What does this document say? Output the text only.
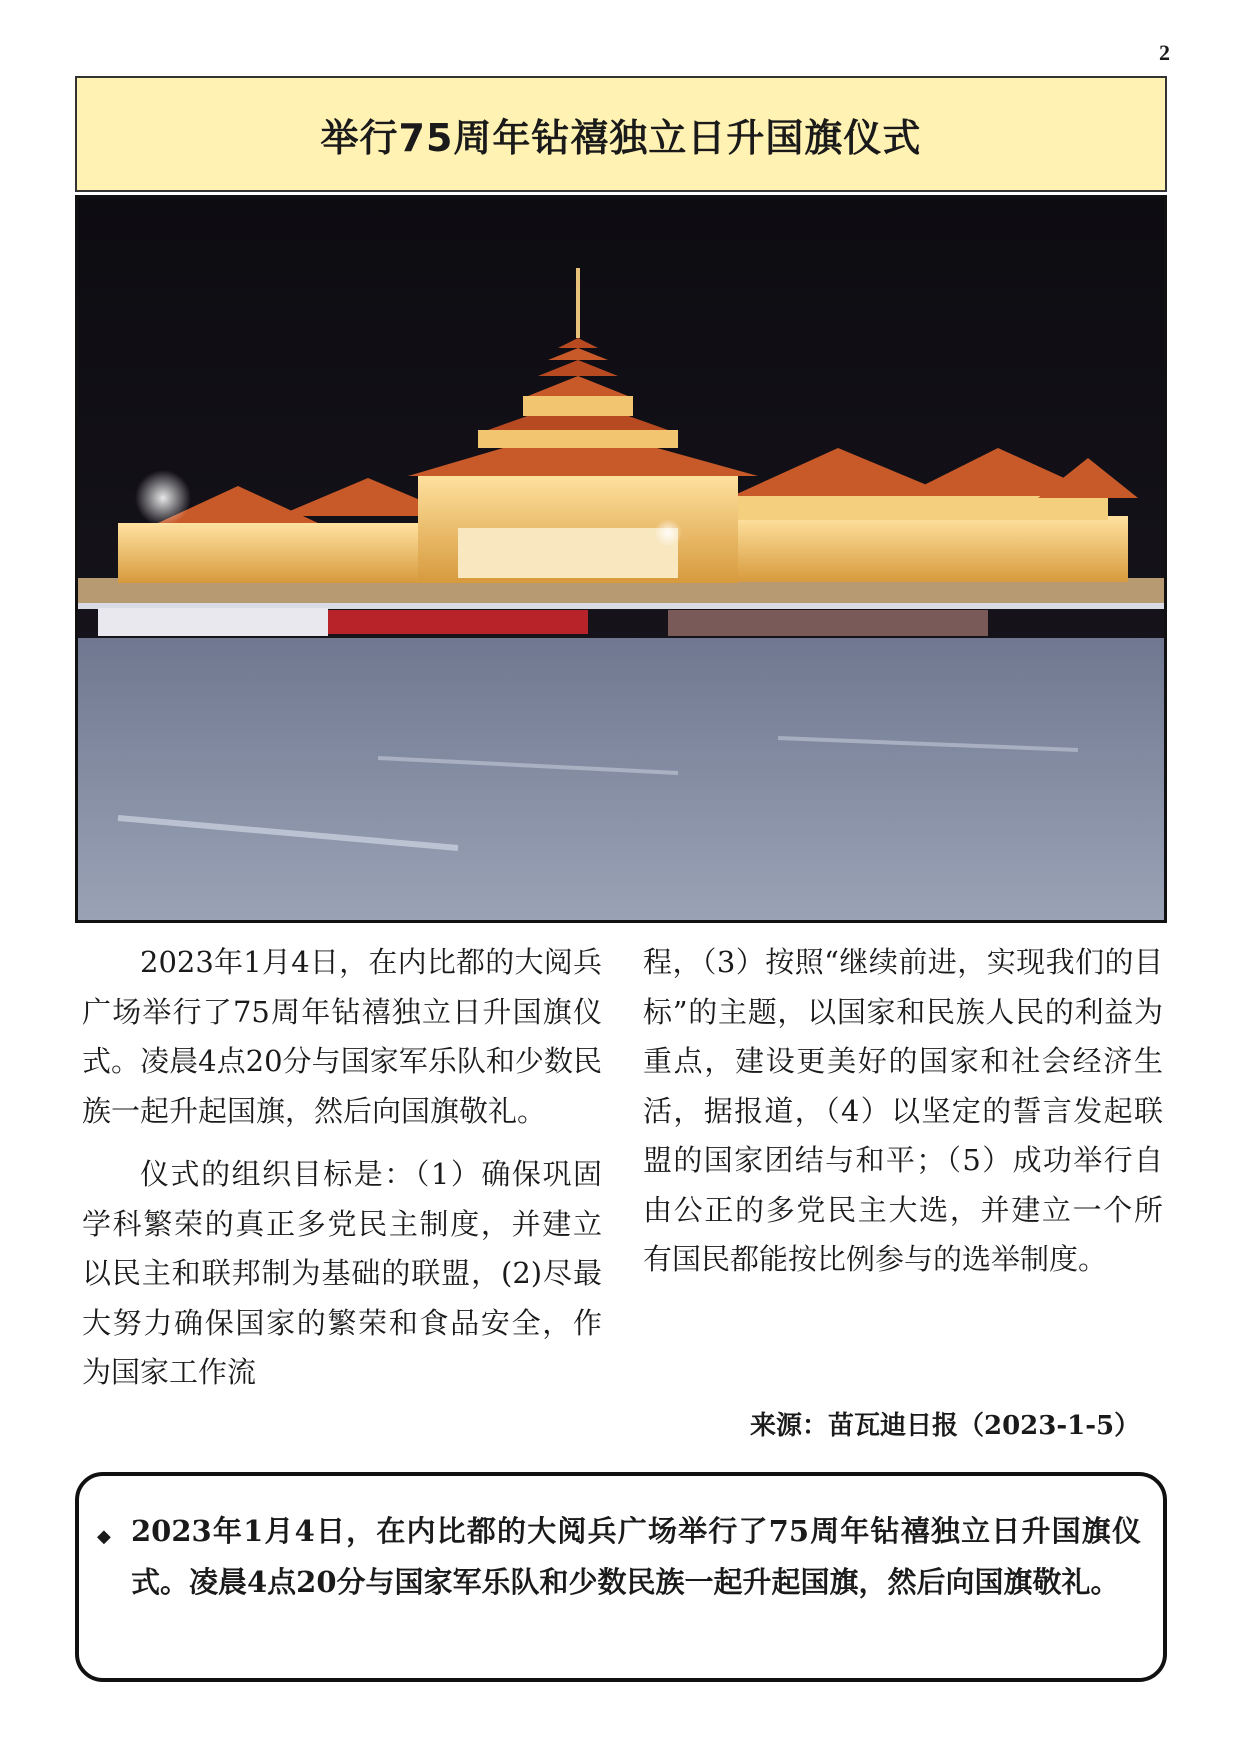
2
举行75周年钻禧独立日升国旗仪式

2023年1月4日，在内比都的大阅兵广场举行了75周年钻禧独立日升国旗仪式。凌晨4点20分与国家军乐队和少数民族一起升起国旗，然后向国旗敬礼。

仪式的组织目标是：（1）确保巩固学科繁荣的真正多党民主制度，并建立以民主和联邦制为基础的联盟，(2)尽最大努力确保国家的繁荣和食品安全，作为国家工作流

程，（3）按照“继续前进，实现我们的目标”的主题，以国家和民族人民的利益为重点，建设更美好的国家和社会经济生活，据报道，（4）以坚定的誓言发起联盟的国家团结与和平；（5）成功举行自由公正的多党民主大选，并建立一个所有国民都能按比例参与的选举制度。

来源：苗瓦迪日报（2023-1-5）
◆ 2023年1月4日，在内比都的大阅兵广场举行了75周年钻禧独立日升国旗仪式。凌晨4点20分与国家军乐队和少数民族一起升起国旗，然后向国旗敬礼。
